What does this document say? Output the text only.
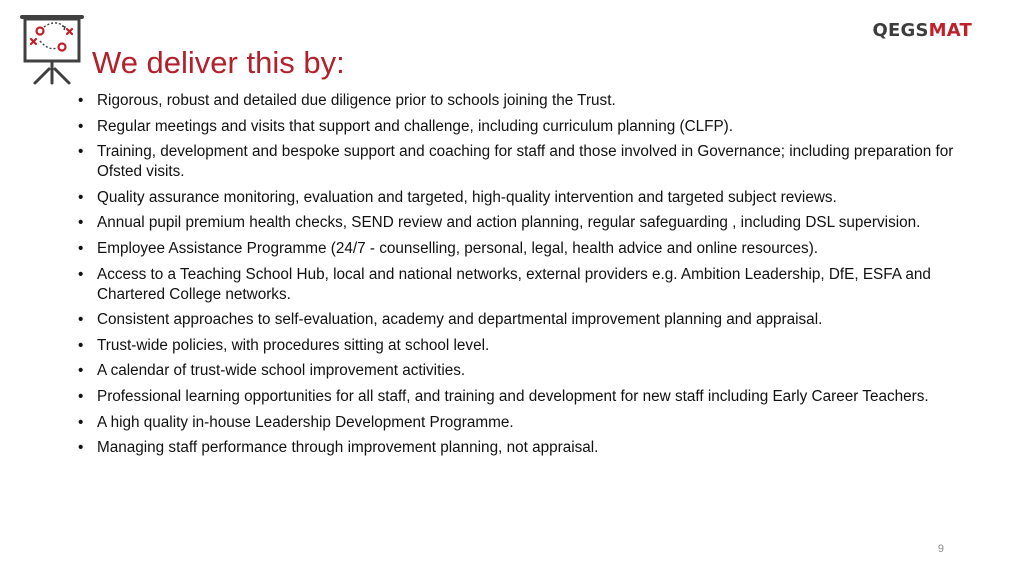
QEGSMAT
We deliver this by:
• Rigorous, robust and detailed due diligence prior to schools joining the Trust.
• Regular meetings and visits that support and challenge, including curriculum planning (CLFP).
• Training, development and bespoke support and coaching for staff and those involved in Governance; including preparation for Ofsted visits.
• Quality assurance monitoring, evaluation and targeted, high-quality intervention and targeted subject reviews.
• Annual pupil premium health checks, SEND review and action planning, regular safeguarding , including DSL supervision.
• Employee Assistance Programme (24/7 - counselling, personal, legal, health advice and online resources).
• Access to a Teaching School Hub, local and national networks, external providers e.g. Ambition Leadership, DfE, ESFA and Chartered College networks.
• Consistent approaches to self-evaluation, academy and departmental improvement planning and appraisal.
• Trust-wide policies, with procedures sitting at school level.
• A calendar of trust-wide school improvement activities.
• Professional learning opportunities for all staff, and training and development for new staff including Early Career Teachers.
• A high quality in-house Leadership Development Programme.
• Managing staff performance through improvement planning, not appraisal.
9
